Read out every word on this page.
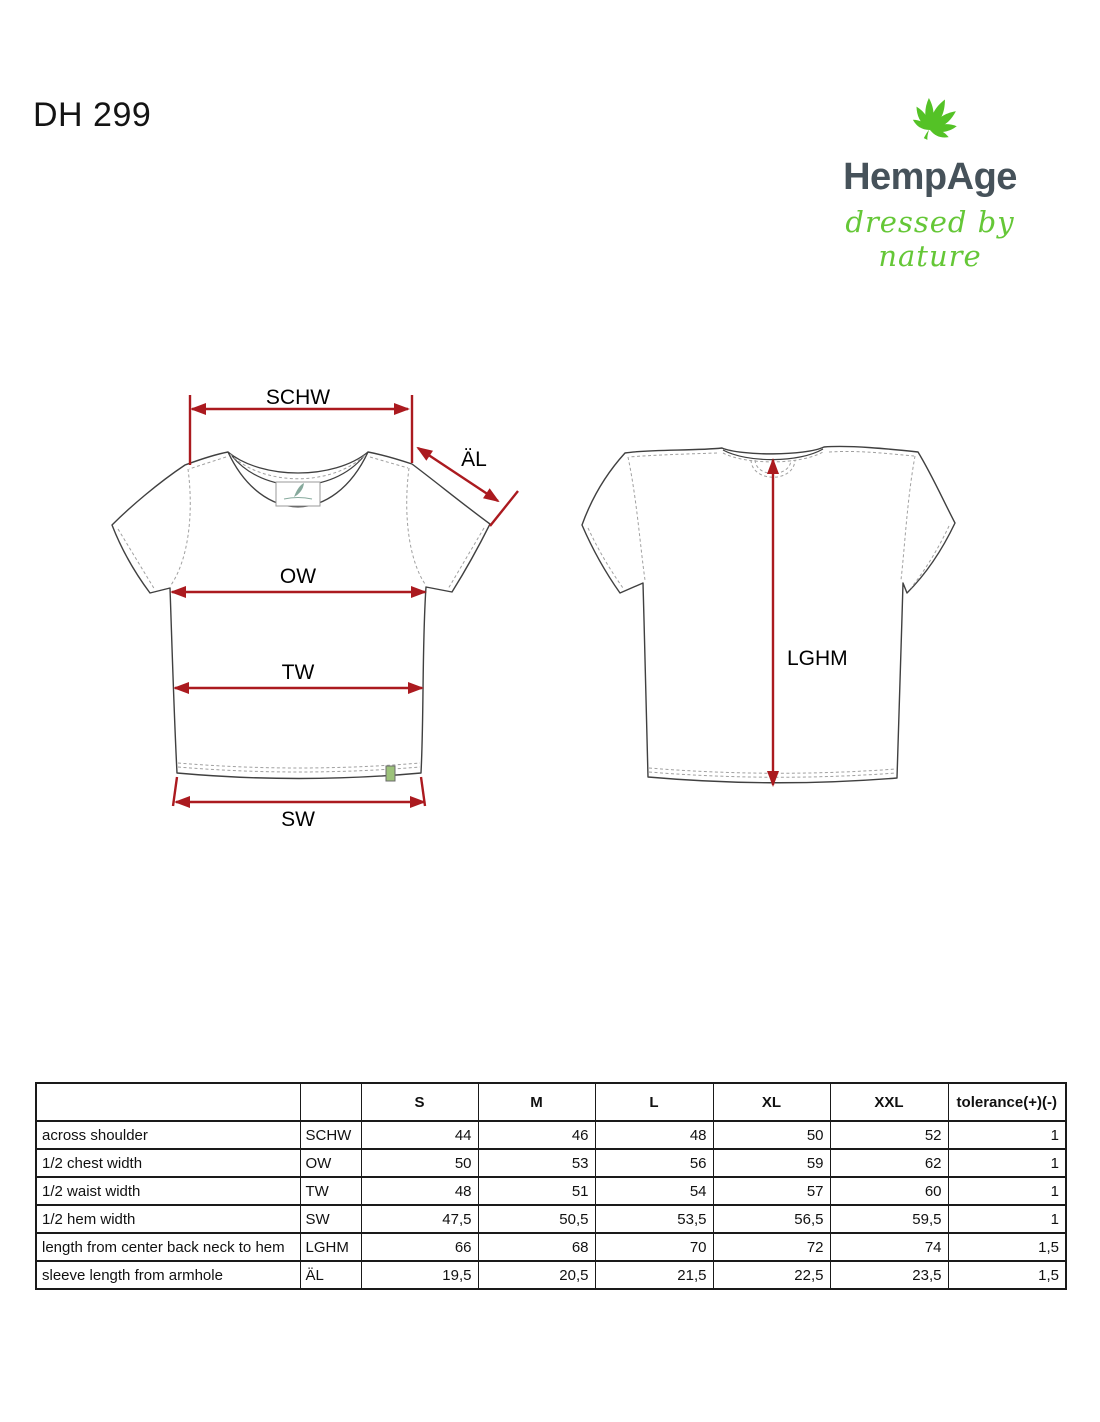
DH 299
HempAge
dressed by nature
SCHW
ÄL
OW
TW
SW
LGHM
		S	M	L	XL	XXL	tolerance(+)(-)
across shoulder	SCHW	44	46	48	50	52	1
1/2 chest width	OW	50	53	56	59	62	1
1/2 waist width	TW	48	51	54	57	60	1
1/2 hem width	SW	47,5	50,5	53,5	56,5	59,5	1
length from center back neck to hem	LGHM	66	68	70	72	74	1,5
sleeve length from armhole	ÄL	19,5	20,5	21,5	22,5	23,5	1,5
